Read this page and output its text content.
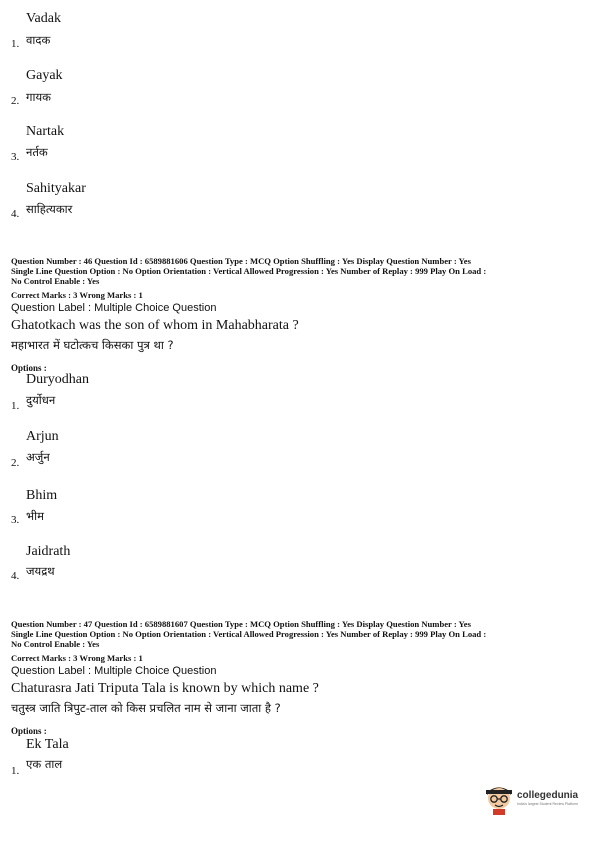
Vadak
1. वादक
Gayak
2. गायक
Nartak
3. नर्तक
Sahityakar
4. साहित्यकार
Question Number : 46 Question Id : 6589881606 Question Type : MCQ Option Shuffling : Yes Display Question Number : Yes
Single Line Question Option : No Option Orientation : Vertical Allowed Progression : Yes Number of Replay : 999 Play On Load :
No Control Enable : Yes
Correct Marks : 3 Wrong Marks : 1
Question Label : Multiple Choice Question
Ghatotkach was the son of whom in Mahabharata ?
महाभारत में घटोत्कच किसका पुत्र था ?
Options :
Duryodhan
1. दुर्योधन
Arjun
2. अर्जुन
Bhim
3. भीम
Jaidrath
4. जयद्रथ
Question Number : 47 Question Id : 6589881607 Question Type : MCQ Option Shuffling : Yes Display Question Number : Yes
Single Line Question Option : No Option Orientation : Vertical Allowed Progression : Yes Number of Replay : 999 Play On Load :
No Control Enable : Yes
Correct Marks : 3 Wrong Marks : 1
Question Label : Multiple Choice Question
Chaturasra Jati Triputa Tala is known by which name ?
चतुस्त्र जाति त्रिपुट-ताल को किस प्रचलित नाम से जाना जाता है ?
Options :
Ek Tala
1. एक ताल
collegedunia
India's largest Student Review Platform
